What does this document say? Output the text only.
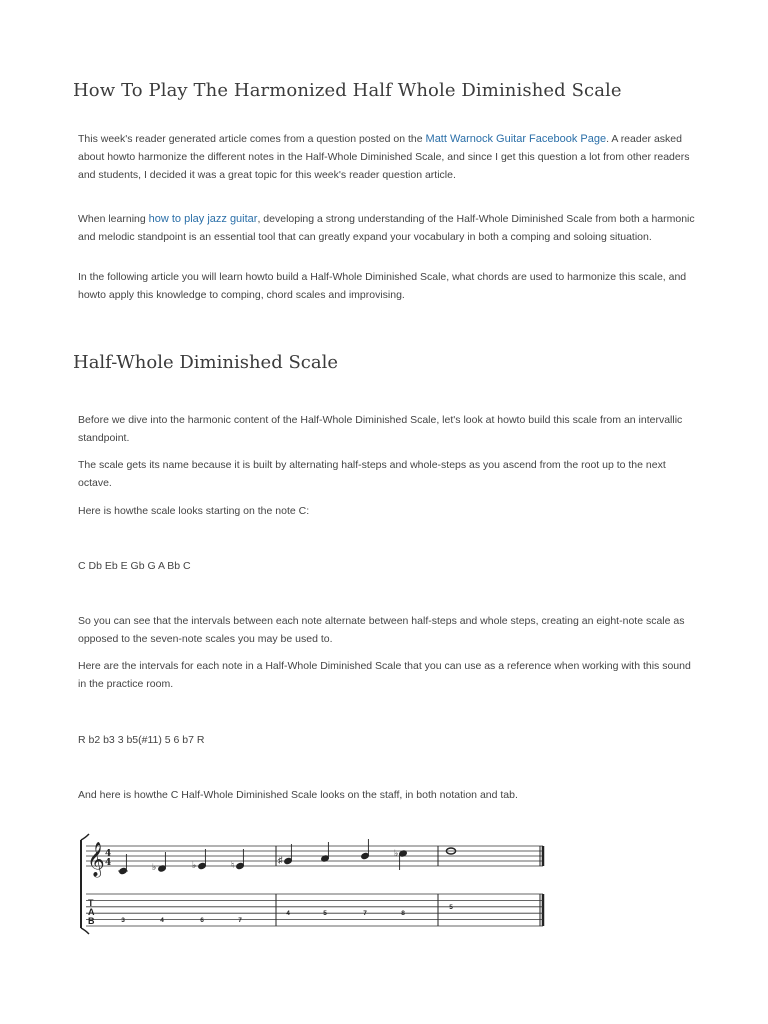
How To Play The Harmonized Half Whole Diminished Scale
This week's reader generated article comes from a question posted on the Matt Warnock Guitar Facebook Page. A reader asked about howto harmonize the different notes in the Half-Whole Diminished Scale, and since I get this question a lot from other readers and students, I decided it was a great topic for this week's reader question article.
When learning how to play jazz guitar, developing a strong understanding of the Half-Whole Diminished Scale from both a harmonic and melodic standpoint is an essential tool that can greatly expand your vocabulary in both a comping and soloing situation.
In the following article you will learn howto build a Half-Whole Diminished Scale, what chords are used to harmonize this scale, and howto apply this knowledge to comping, chord scales and improvising.
Half-Whole Diminished Scale
Before we dive into the harmonic content of the Half-Whole Diminished Scale, let's look at howto build this scale from an intervallic standpoint.
The scale gets its name because it is built by alternating half-steps and whole-steps as you ascend from the root up to the next octave.
Here is howthe scale looks starting on the note C:
C Db Eb E Gb G A Bb C
So you can see that the intervals between each note alternate between half-steps and whole steps, creating an eight-note scale as opposed to the seven-note scales you may be used to.
Here are the intervals for each note in a Half-Whole Diminished Scale that you can use as a reference when working with this sound in the practice room.
R b2 b3 3 b5(#11) 5 6 b7 R
And here is howthe C Half-Whole Diminished Scale looks on the staff, in both notation and tab.
𝄞 4
4	♭	♭	♮	♯
♭
T
A
B	3	4	6	7
4	5	7	8
5
